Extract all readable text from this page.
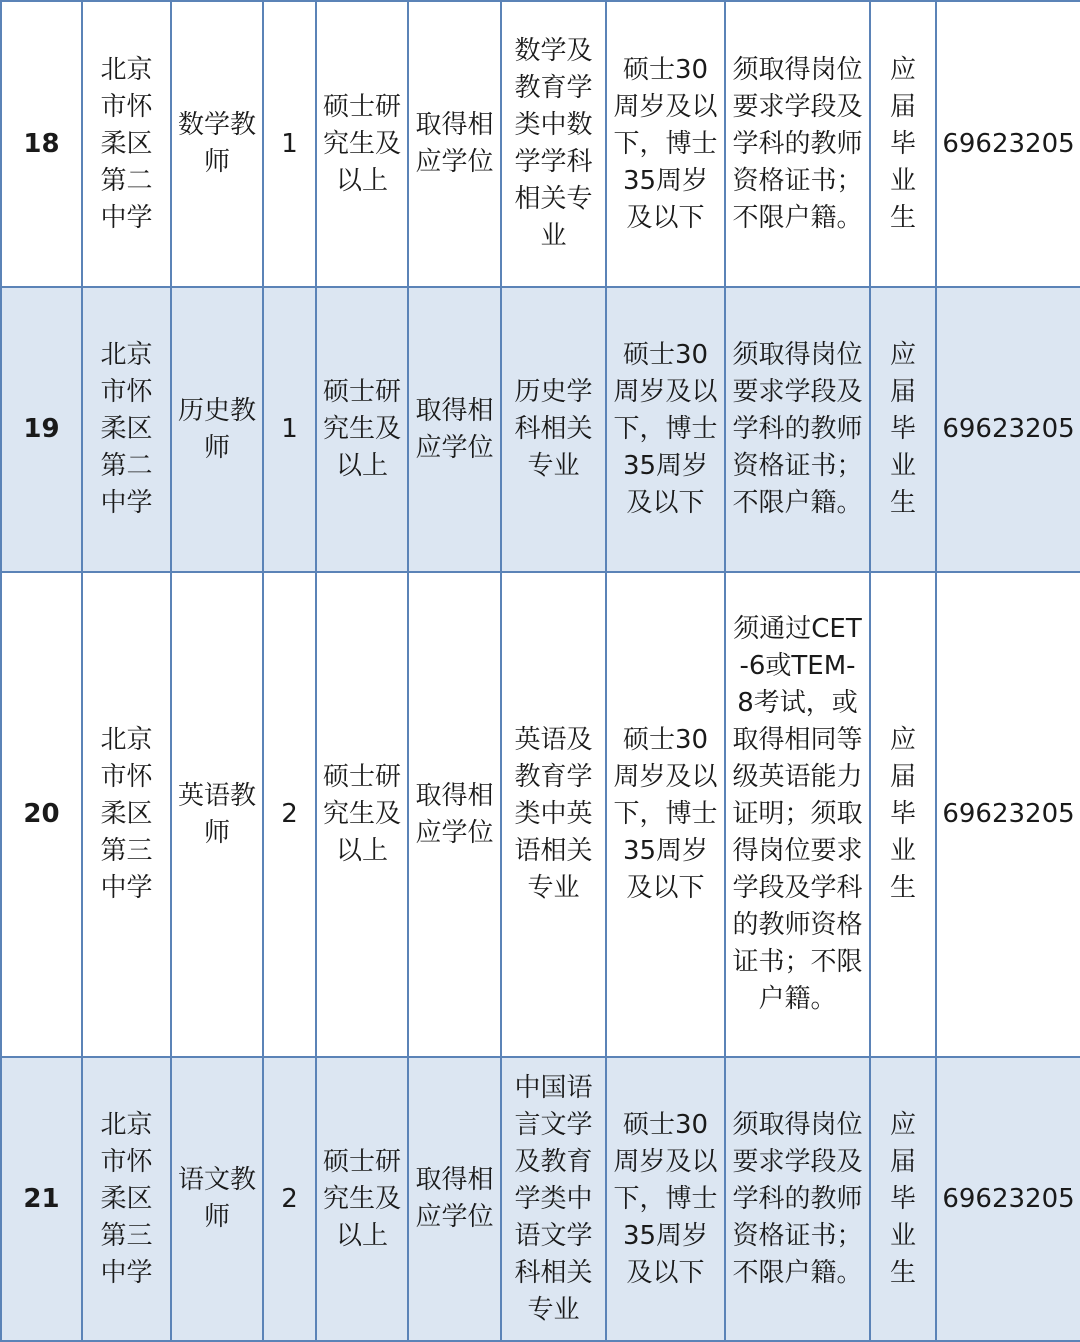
18	北京市怀柔区第二中学	数学教师	1	硕士研究生及以上	取得相应学位	数学及教育学类中数学学科相关专业	硕士30周岁及以下，博士35周岁及以下	须取得岗位要求学段及学科的教师资格证书；不限户籍。	应届毕业生	69623205
19	北京市怀柔区第二中学	历史教师	1	硕士研究生及以上	取得相应学位	历史学科相关专业	硕士30周岁及以下，博士35周岁及以下	须取得岗位要求学段及学科的教师资格证书；不限户籍。	应届毕业生	69623205
20	北京市怀柔区第三中学	英语教师	2	硕士研究生及以上	取得相应学位	英语及教育学类中英语相关专业	硕士30周岁及以下，博士35周岁及以下	须通过CET-6或TEM-8考试，或取得相同等级英语能力证明；须取得岗位要求学段及学科的教师资格证书；不限户籍。	应届毕业生	69623205
21	北京市怀柔区第三中学	语文教师	2	硕士研究生及以上	取得相应学位	中国语言文学及教育学类中语文学科相关专业	硕士30周岁及以下，博士35周岁及以下	须取得岗位要求学段及学科的教师资格证书；不限户籍。	应届毕业生	69623205
